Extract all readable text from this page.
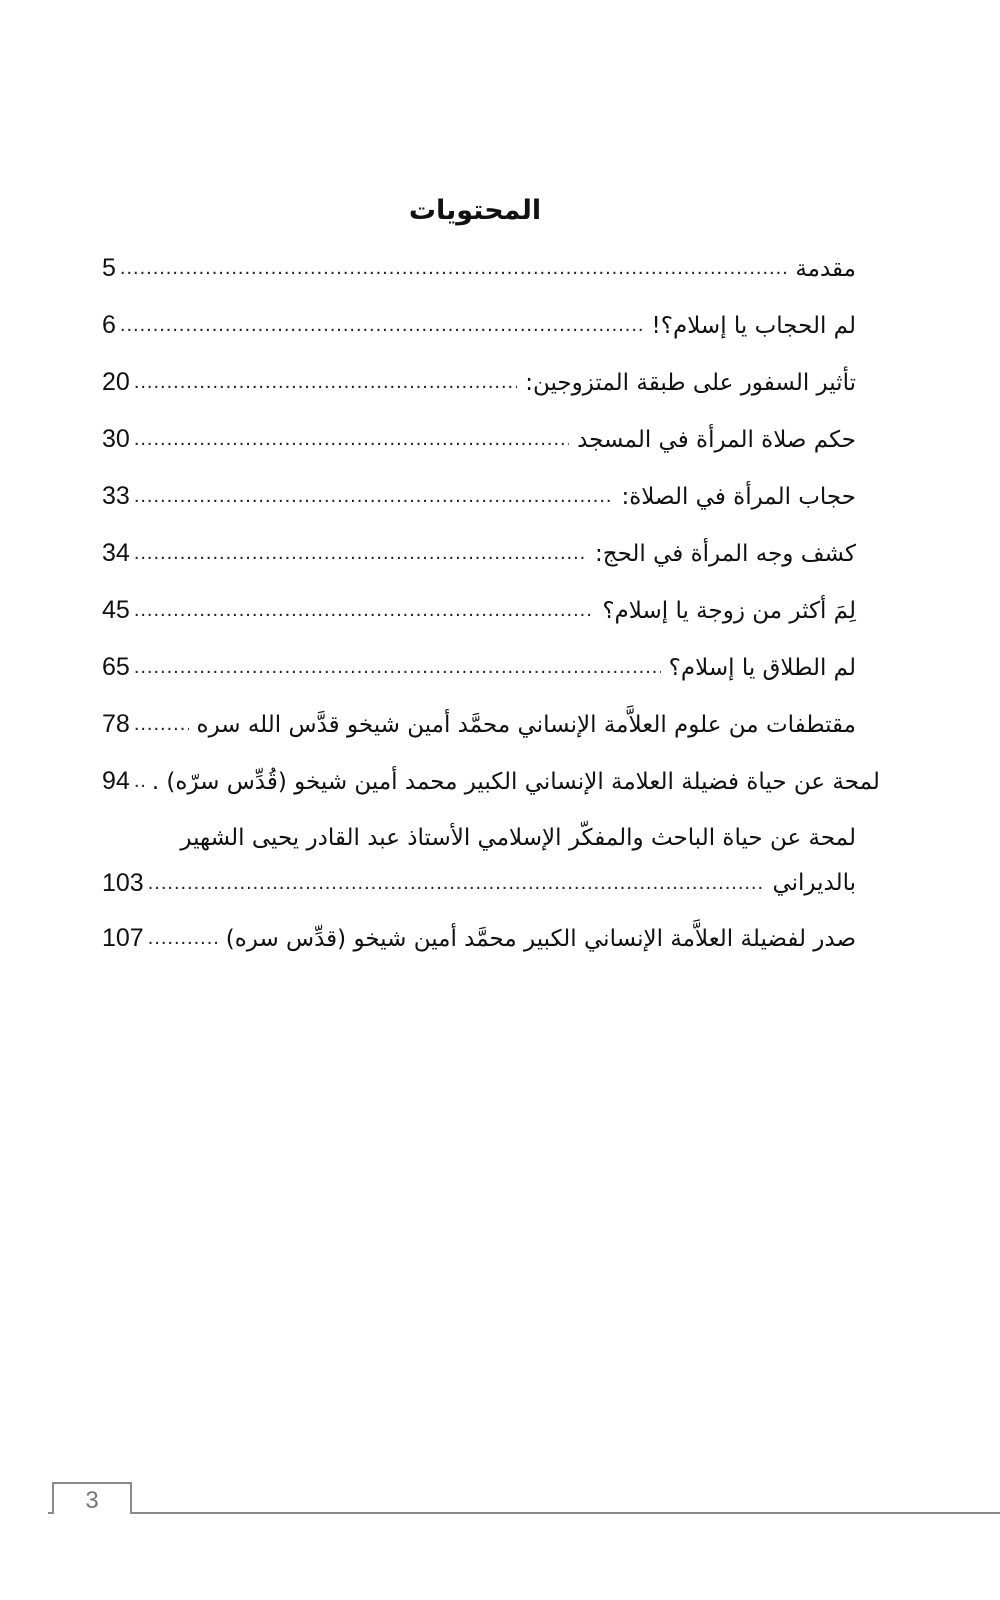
المحتويات
5 .....	مقدمة
6 .....	لم الحجاب يا إسلام؟!
20 .....	تأثير السفور على طبقة المتزوجين:
30 .....	حكم صلاة المرأة في المسجد
33 .....	حجاب المرأة في الصلاة:
34 .....	كشف وجه المرأة في الحج:
45 .....	لِمَ أكثر من زوجة يا إسلام؟
65 .....	لم الطلاق يا إسلام؟
78 .....	مقتطفات من علوم العلاَّمة الإنساني محمَّد أمين شيخو قدَّس الله سره
94 ..... لمحة عن حياة فضيلة العلامة الإنساني الكبير محمد أمين شيخو (قُدِّس سرّه) .
لمحة عن حياة الباحث والمفكّر الإسلامي الأستاذ عبد القادر يحيى الشهير
103 .....	بالديراني
107 .....	صدر لفضيلة العلاَّمة الإنساني الكبير محمَّد أمين شيخو (قدِّس سره)
3
